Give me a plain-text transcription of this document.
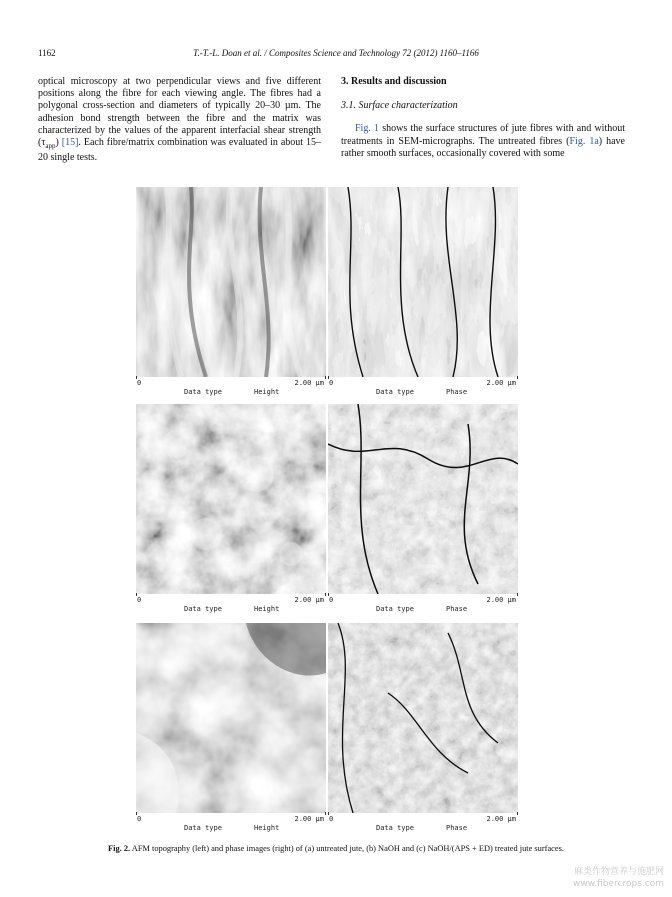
1162	T.-T.-L. Doan et al. / Composites Science and Technology 72 (2012) 1160–1166
optical microscopy at two perpendicular views and five different positions along the fibre for each viewing angle. The fibres had a polygonal cross-section and diameters of typically 20–30 µm. The adhesion bond strength between the fibre and the matrix was characterized by the values of the apparent interfacial shear strength $(\tau_{app})$ [15]. Each fibre/matrix combination was evaluated in about 15–20 single tests.

3. Results and discussion

3.1. Surface characterization

Fig. 1 shows the surface structures of jute fibres with and without treatments in SEM-micrographs. The untreated fibres (Fig. 1a) have rather smooth surfaces, occasionally covered with some

0	2.00 µm
Data type	Height
0	2.00 µm
Data type	Phase
0	2.00 µm
Data type	Height
0	2.00 µm
Data type	Phase
0	2.00 µm
Data type	Height
0	2.00 µm
Data type	Phase
Fig. 2. AFM topography (left) and phase images (right) of (a) untreated jute, (b) NaOH and (c) NaOH/(APS + ED) treated jute surfaces.
麻类作物营养与施肥网
www.fibercrops.com
